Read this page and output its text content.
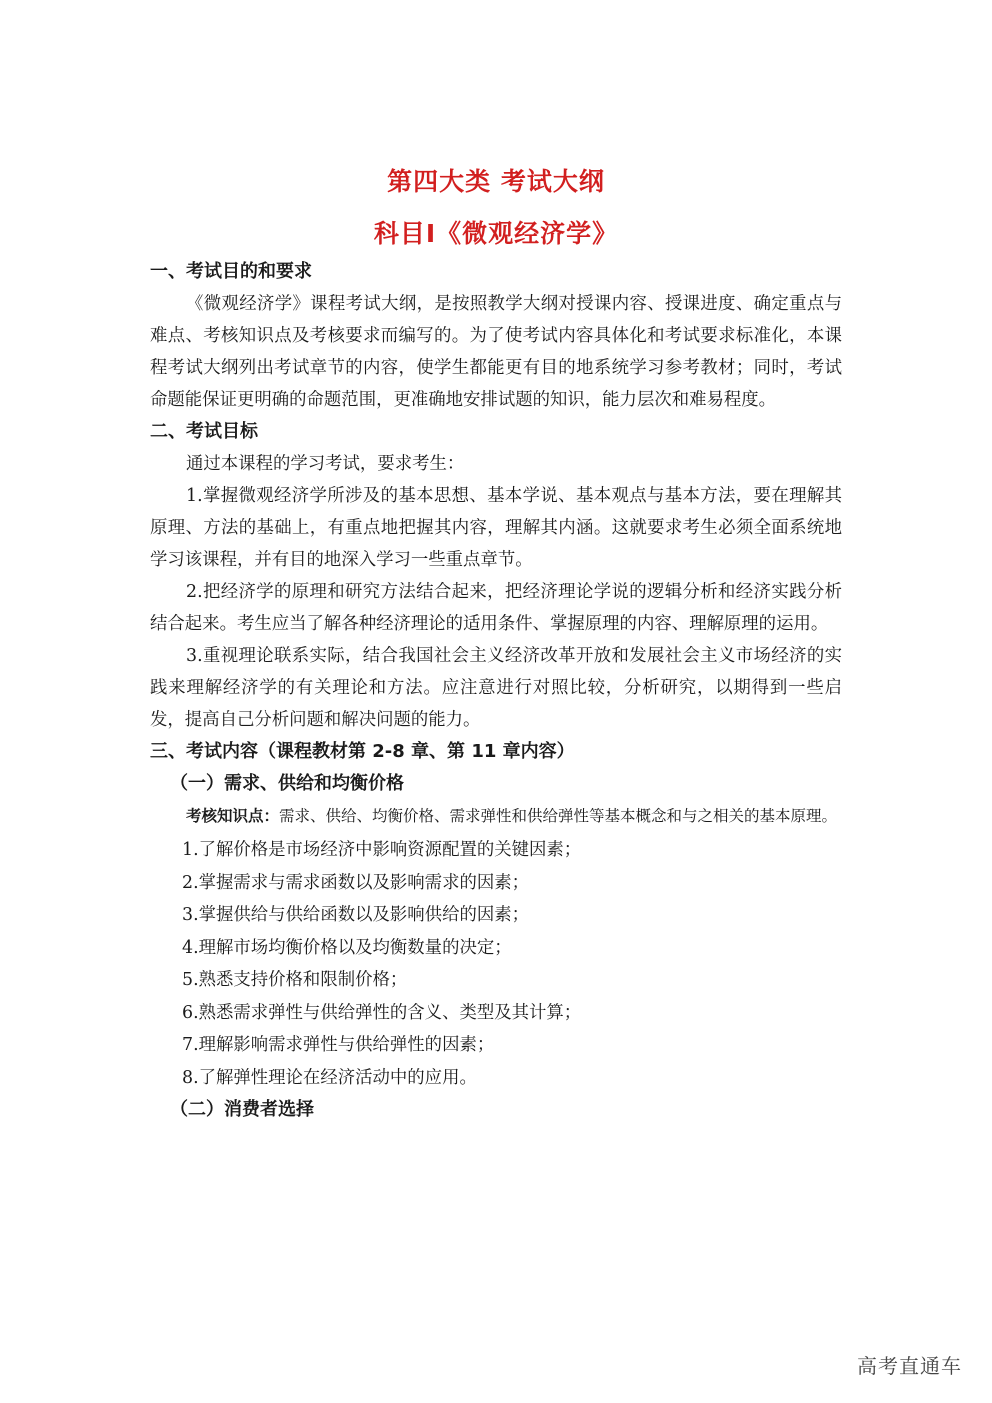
第四大类 考试大纲
科目Ⅰ《微观经济学》
一、考试目的和要求
《微观经济学》课程考试大纲，是按照教学大纲对授课内容、授课进度、确定重点与难点、考核知识点及考核要求而编写的。为了使考试内容具体化和考试要求标准化，本课程考试大纲列出考试章节的内容，使学生都能更有目的地系统学习参考教材；同时，考试命题能保证更明确的命题范围，更准确地安排试题的知识，能力层次和难易程度。
二、考试目标
通过本课程的学习考试，要求考生：
1.掌握微观经济学所涉及的基本思想、基本学说、基本观点与基本方法，要在理解其原理、方法的基础上，有重点地把握其内容，理解其内涵。这就要求考生必须全面系统地学习该课程，并有目的地深入学习一些重点章节。
2.把经济学的原理和研究方法结合起来，把经济理论学说的逻辑分析和经济实践分析结合起来。考生应当了解各种经济理论的适用条件、掌握原理的内容、理解原理的运用。
3.重视理论联系实际，结合我国社会主义经济改革开放和发展社会主义市场经济的实践来理解经济学的有关理论和方法。应注意进行对照比较，分析研究，以期得到一些启发，提高自己分析问题和解决问题的能力。
三、考试内容（课程教材第 2-8 章、第 11 章内容）
（一）需求、供给和均衡价格
考核知识点：需求、供给、均衡价格、需求弹性和供给弹性等基本概念和与之相关的基本原理。
1.了解价格是市场经济中影响资源配置的关键因素；
2.掌握需求与需求函数以及影响需求的因素；
3.掌握供给与供给函数以及影响供给的因素；
4.理解市场均衡价格以及均衡数量的决定；
5.熟悉支持价格和限制价格；
6.熟悉需求弹性与供给弹性的含义、类型及其计算；
7.理解影响需求弹性与供给弹性的因素；
8.了解弹性理论在经济活动中的应用。
（二）消费者选择
高考直通车
